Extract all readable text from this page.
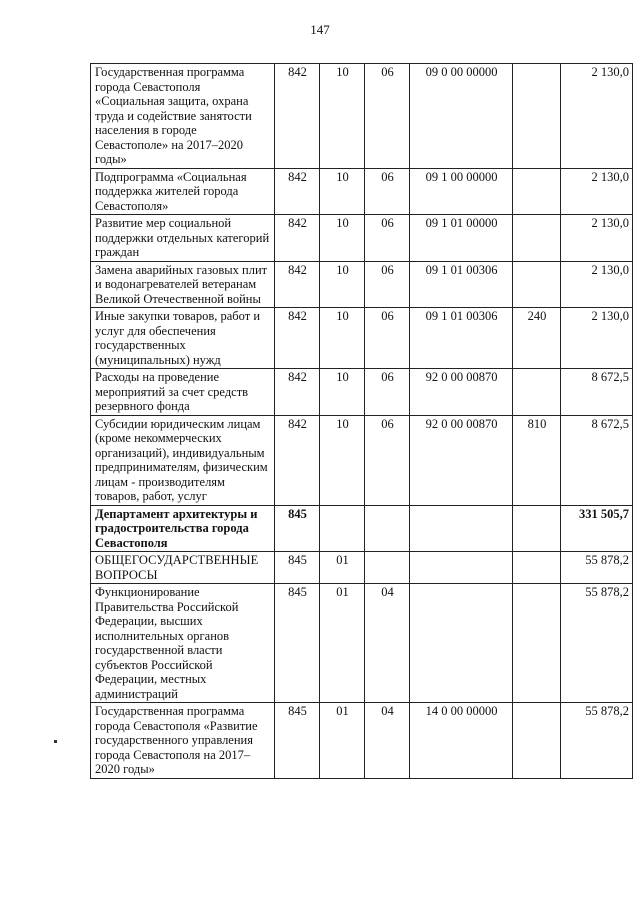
147
Государственная программа города Севастополя «Социальная защита, охрана труда и содействие занятости населения в городе Севастополе» на 2017–2020 годы»	842	10	06	09 0 00 00000		2 130,0
Подпрограмма «Социальная поддержка жителей города Севастополя»	842	10	06	09 1 00 00000		2 130,0
Развитие мер социальной поддержки отдельных категорий граждан	842	10	06	09 1 01 00000		2 130,0
Замена аварийных газовых плит и водонагревателей ветеранам Великой Отечественной войны	842	10	06	09 1 01 00306		2 130,0
Иные закупки товаров, работ и услуг для обеспечения государственных (муниципальных) нужд	842	10	06	09 1 01 00306	240	2 130,0
Расходы на проведение мероприятий за счет средств резервного фонда	842	10	06	92 0 00 00870		8 672,5
Субсидии юридическим лицам (кроме некоммерческих организаций), индивидуальным предпринимателям, физическим лицам - производителям товаров, работ, услуг	842	10	06	92 0 00 00870	810	8 672,5
Департамент архитектуры и градостроительства города Севастополя	845					331 505,7
ОБЩЕГОСУДАРСТВЕННЫЕ ВОПРОСЫ	845	01				55 878,2
Функционирование Правительства Российской Федерации, высших исполнительных органов государственной власти субъектов Российской Федерации, местных администраций	845	01	04			55 878,2
Государственная программа города Севастополя «Развитие государственного управления города Севастополя на 2017–2020 годы»	845	01	04	14 0 00 00000		55 878,2
